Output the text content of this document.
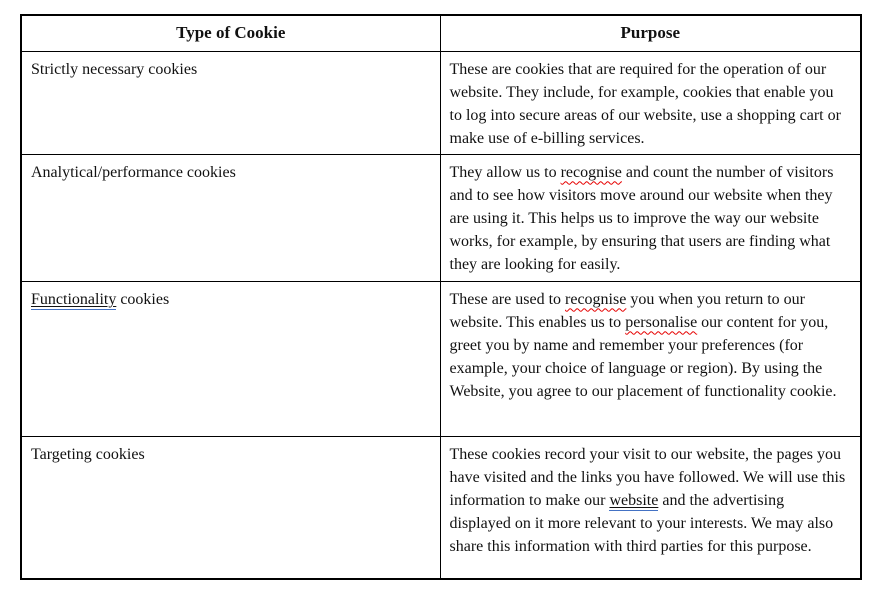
Type of Cookie	Purpose
Strictly necessary cookies	These are cookies that are required for the operation of our website. They include, for example, cookies that enable you to log into secure areas of our website, use a shopping cart or make use of e-billing services.
Analytical/performance cookies	They allow us to recognise and count the number of visitors and to see how visitors move around our website when they are using it. This helps us to improve the way our website works, for example, by ensuring that users are finding what they are looking for easily.
Functionality cookies	These are used to recognise you when you return to our website. This enables us to personalise our content for you, greet you by name and remember your preferences (for example, your choice of language or region). By using the Website, you agree to our placement of functionality cookie.
Targeting cookies	These cookies record your visit to our website, the pages you have visited and the links you have followed. We will use this information to make our website and the advertising displayed on it more relevant to your interests. We may also share this information with third parties for this purpose.
